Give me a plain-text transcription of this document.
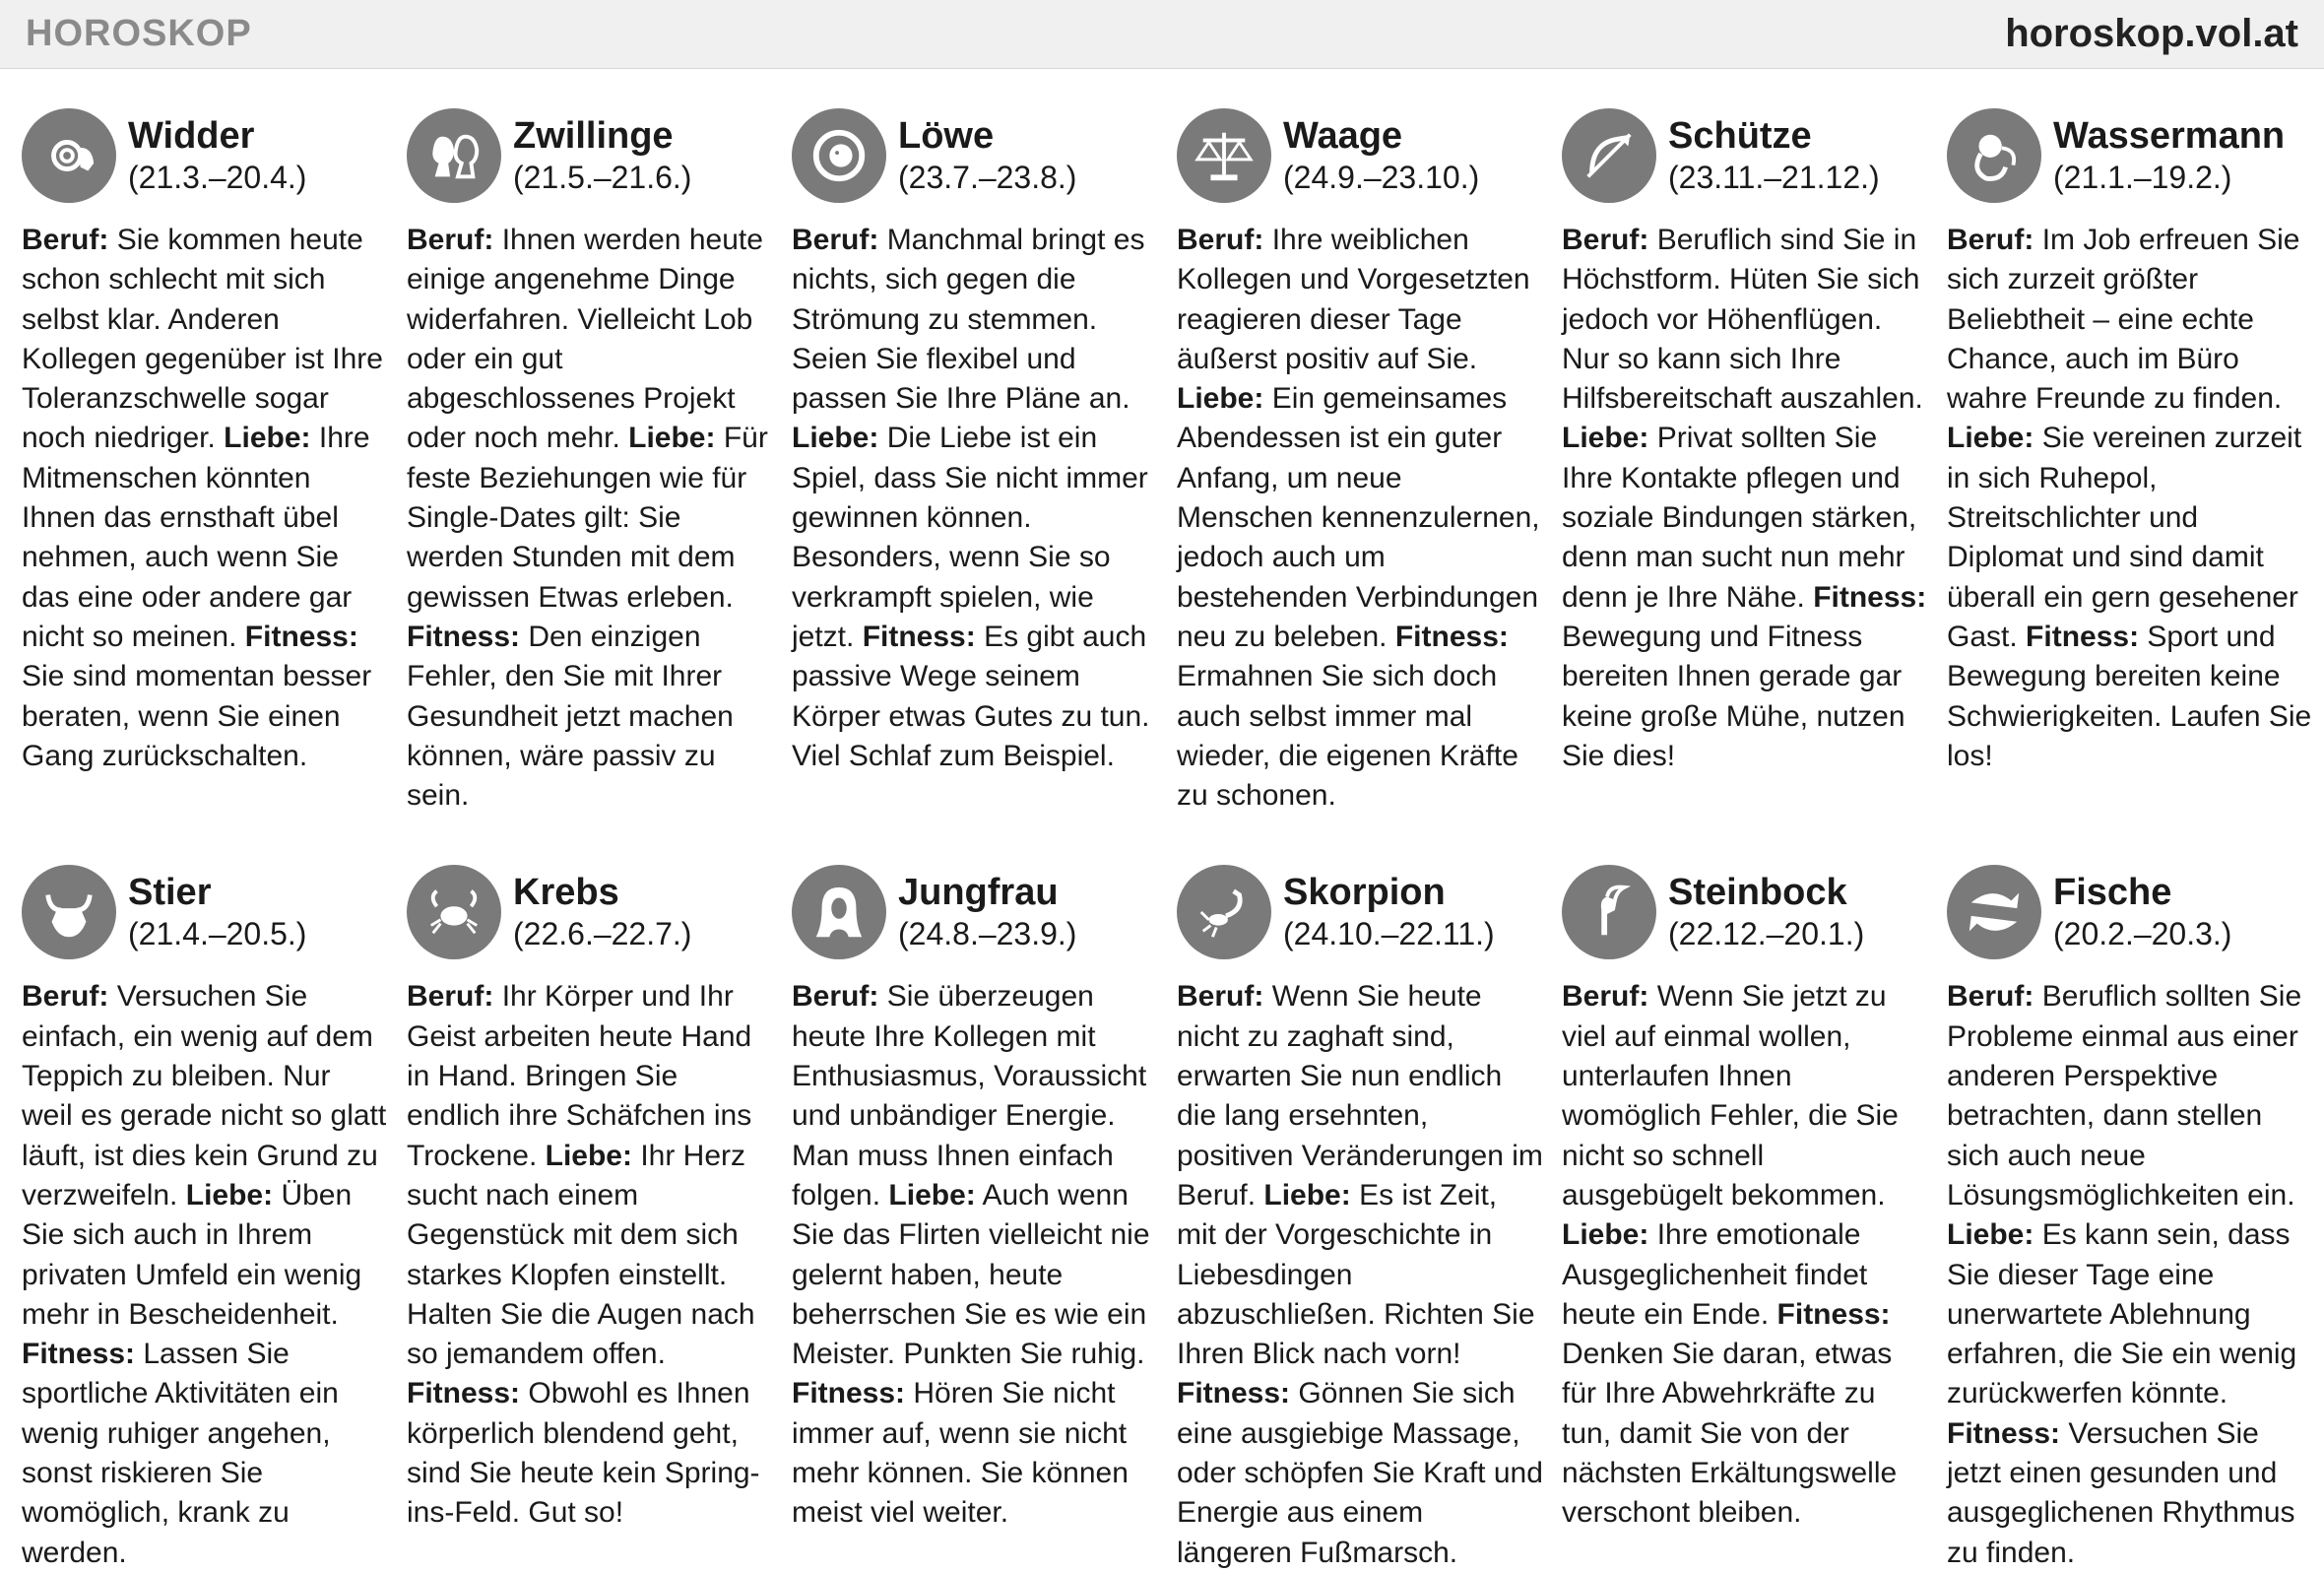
HOROSKOP	horoskop.vol.at
Widder
(21.3.–20.4.)

Beruf: Sie kommen heute schon schlecht mit sich selbst klar. Anderen Kollegen gegenüber ist Ihre Toleranzschwelle sogar noch niedriger. Liebe: Ihre Mitmenschen könnten Ihnen das ernsthaft übel nehmen, auch wenn Sie das eine oder andere gar nicht so meinen. Fitness: Sie sind momentan besser beraten, wenn Sie einen Gang zurückschalten.

Zwillinge
(21.5.–21.6.)

Beruf: Ihnen werden heute einige angenehme Dinge widerfahren. Vielleicht Lob oder ein gut abgeschlossenes Projekt oder noch mehr. Liebe: Für feste Beziehungen wie für Single-Dates gilt: Sie werden Stunden mit dem gewissen Etwas erleben. Fitness: Den einzigen Fehler, den Sie mit Ihrer Gesundheit jetzt machen können, wäre passiv zu sein.

Löwe
(23.7.–23.8.)

Beruf: Manchmal bringt es nichts, sich gegen die Strömung zu stemmen. Seien Sie flexibel und passen Sie Ihre Pläne an. Liebe: Die Liebe ist ein Spiel, dass Sie nicht immer gewinnen können. Besonders, wenn Sie so verkrampft spielen, wie jetzt. Fitness: Es gibt auch passive Wege seinem Körper etwas Gutes zu tun. Viel Schlaf zum Beispiel.

Waage
(24.9.–23.10.)

Beruf: Ihre weiblichen Kollegen und Vorgesetzten reagieren dieser Tage äußerst positiv auf Sie. Liebe: Ein gemeinsames Abendessen ist ein guter Anfang, um neue Menschen kennenzulernen, jedoch auch um bestehenden Verbindungen neu zu beleben. Fitness: Ermahnen Sie sich doch auch selbst immer mal wieder, die eigenen Kräfte zu schonen.

Schütze
(23.11.–21.12.)

Beruf: Beruflich sind Sie in Höchstform. Hüten Sie sich jedoch vor Höhenflügen. Nur so kann sich Ihre Hilfsbereitschaft auszahlen. Liebe: Privat sollten Sie Ihre Kontakte pflegen und soziale Bindungen stärken, denn man sucht nun mehr denn je Ihre Nähe. Fitness: Bewegung und Fitness bereiten Ihnen gerade gar keine große Mühe, nutzen Sie dies!

Wassermann
(21.1.–19.2.)

Beruf: Im Job erfreuen Sie sich zurzeit größter Beliebtheit – eine echte Chance, auch im Büro wahre Freunde zu finden. Liebe: Sie vereinen zurzeit in sich Ruhepol, Streitschlichter und Diplomat und sind damit überall ein gern gesehener Gast. Fitness: Sport und Bewegung bereiten keine Schwierigkeiten. Laufen Sie los!

Stier
(21.4.–20.5.)

Beruf: Versuchen Sie einfach, ein wenig auf dem Teppich zu bleiben. Nur weil es gerade nicht so glatt läuft, ist dies kein Grund zu verzweifeln. Liebe: Üben Sie sich auch in Ihrem privaten Umfeld ein wenig mehr in Bescheidenheit. Fitness: Lassen Sie sportliche Aktivitäten ein wenig ruhiger angehen, sonst riskieren Sie womöglich, krank zu werden.

Krebs
(22.6.–22.7.)

Beruf: Ihr Körper und Ihr Geist arbeiten heute Hand in Hand. Bringen Sie endlich ihre Schäfchen ins Trockene. Liebe: Ihr Herz sucht nach einem Gegenstück mit dem sich starkes Klopfen einstellt. Halten Sie die Augen nach so jemandem offen. Fitness: Obwohl es Ihnen körperlich blendend geht, sind Sie heute kein Spring-ins-Feld. Gut so!

Jungfrau
(24.8.–23.9.)

Beruf: Sie überzeugen heute Ihre Kollegen mit Enthusiasmus, Voraussicht und unbändiger Energie. Man muss Ihnen einfach folgen. Liebe: Auch wenn Sie das Flirten vielleicht nie gelernt haben, heute beherrschen Sie es wie ein Meister. Punkten Sie ruhig. Fitness: Hören Sie nicht immer auf, wenn sie nicht mehr können. Sie können meist viel weiter.

Skorpion
(24.10.–22.11.)

Beruf: Wenn Sie heute nicht zu zaghaft sind, erwarten Sie nun endlich die lang ersehnten, positiven Veränderungen im Beruf. Liebe: Es ist Zeit, mit der Vorgeschichte in Liebesdingen abzuschließen. Richten Sie Ihren Blick nach vorn! Fitness: Gönnen Sie sich eine ausgiebige Massage, oder schöpfen Sie Kraft und Energie aus einem längeren Fußmarsch.

Steinbock
(22.12.–20.1.)

Beruf: Wenn Sie jetzt zu viel auf einmal wollen, unterlaufen Ihnen womöglich Fehler, die Sie nicht so schnell ausgebügelt bekommen. Liebe: Ihre emotionale Ausgeglichenheit findet heute ein Ende. Fitness: Denken Sie daran, etwas für Ihre Abwehrkräfte zu tun, damit Sie von der nächsten Erkältungswelle verschont bleiben.

Fische
(20.2.–20.3.)

Beruf: Beruflich sollten Sie Probleme einmal aus einer anderen Perspektive betrachten, dann stellen sich auch neue Lösungsmöglichkeiten ein. Liebe: Es kann sein, dass Sie dieser Tage eine unerwartete Ablehnung erfahren, die Sie ein wenig zurückwerfen könnte. Fitness: Versuchen Sie jetzt einen gesunden und ausgeglichenen Rhythmus zu finden.
